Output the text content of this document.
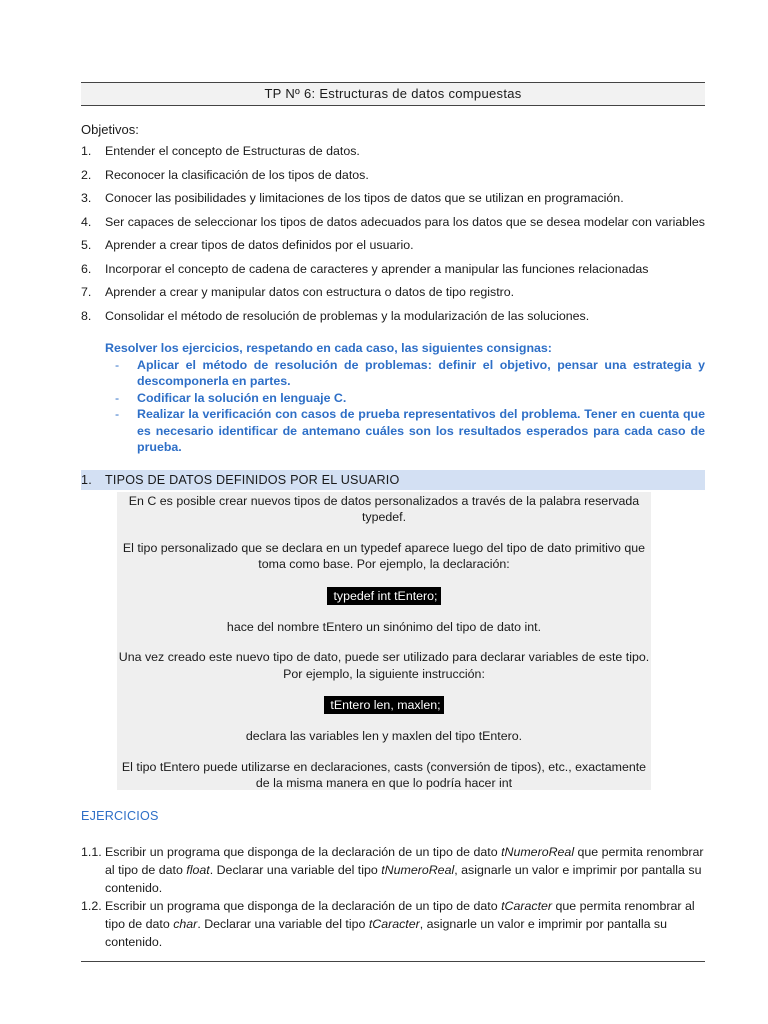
TP Nº 6: Estructuras de datos compuestas
Objetivos:
1.	Entender el concepto de Estructuras de datos.
2.	Reconocer la clasificación de los tipos de datos.
3.	Conocer las posibilidades y limitaciones de los tipos de datos que se utilizan en programación.
4.	Ser capaces de seleccionar los tipos de datos adecuados para los datos que se desea modelar con variables
5.	Aprender a crear tipos de datos definidos por el usuario.
6.	Incorporar el concepto de cadena de caracteres y aprender a manipular las funciones relacionadas
7.	Aprender a crear y manipular datos con estructura o datos de tipo registro.
8.	Consolidar el método de resolución de problemas y la modularización de las soluciones.
Resolver los ejercicios, respetando en cada caso, las siguientes consignas:
-	Aplicar el método de resolución de problemas: definir el objetivo, pensar una estrategia y descomponerla en partes.
-	Codificar la solución en lenguaje C.
-	Realizar la verificación con casos de prueba representativos del problema. Tener en cuenta que es necesario identificar de antemano cuáles son los resultados esperados para cada caso de prueba.
1.	TIPOS DE DATOS DEFINIDOS POR EL USUARIO

En C es posible crear nuevos tipos de datos personalizados a través de la palabra reservada typedef.

El tipo personalizado que se declara en un typedef aparece luego del tipo de dato primitivo que toma como base. Por ejemplo, la declaración:

typedef int tEntero;

hace del nombre tEntero un sinónimo del tipo de dato int.

Una vez creado este nuevo tipo de dato, puede ser utilizado para declarar variables de este tipo. Por ejemplo, la siguiente instrucción:

tEntero len, maxlen;

declara las variables len y maxlen del tipo tEntero.

El tipo tEntero puede utilizarse en declaraciones, casts (conversión de tipos), etc., exactamente de la misma manera en que lo podría hacer int

EJERCICIOS
1.1. Escribir un programa que disponga de la declaración de un tipo de dato tNumeroReal que permita renombrar al tipo de dato float. Declarar una variable del tipo tNumeroReal, asignarle un valor e imprimir por pantalla su contenido.
1.2. Escribir un programa que disponga de la declaración de un tipo de dato tCaracter que permita renombrar al tipo de dato char. Declarar una variable del tipo tCaracter, asignarle un valor e imprimir por pantalla su contenido.
